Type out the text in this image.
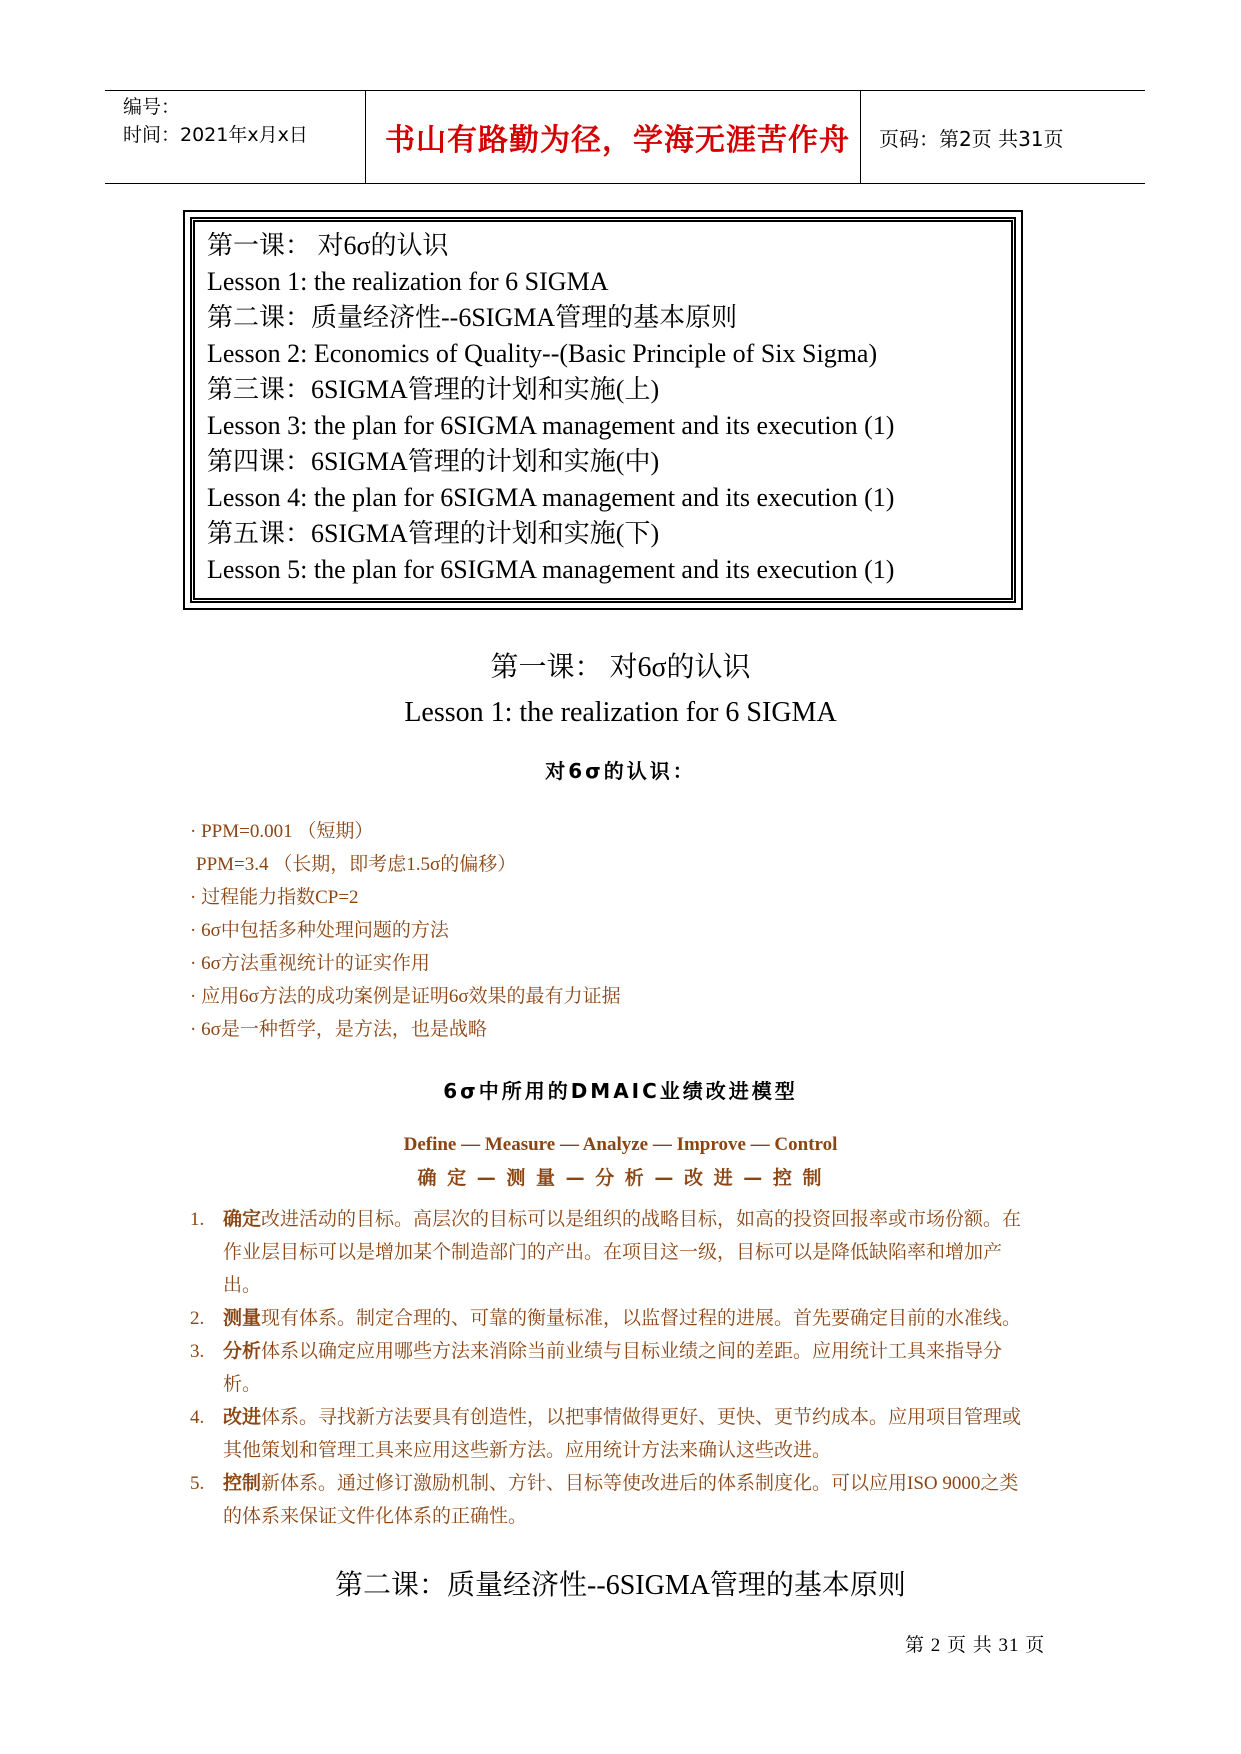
编号：
时间：2021年x月x日	书山有路勤为径，学海无涯苦作舟	页码：第2页 共31页
第一课： 对6σ的认识
Lesson 1: the realization for 6 SIGMA
第二课：质量经济性--6SIGMA管理的基本原则
Lesson 2: Economics of Quality--(Basic Principle of Six Sigma)
第三课：6SIGMA管理的计划和实施(上)
Lesson 3: the plan for 6SIGMA management and its execution (1)
第四课：6SIGMA管理的计划和实施(中)
Lesson 4: the plan for 6SIGMA management and its execution (1)
第五课：6SIGMA管理的计划和实施(下)
Lesson 5: the plan for 6SIGMA management and its execution (1)
第一课： 对6σ的认识
Lesson 1: the realization for 6 SIGMA
对6σ的认识：
· PPM=0.001 （短期）
PPM=3.4 （长期，即考虑1.5σ的偏移）
· 过程能力指数CP=2
· 6σ中包括多种处理问题的方法
· 6σ方法重视统计的证实作用
· 应用6σ方法的成功案例是证明6σ效果的最有力证据
· 6σ是一种哲学，是方法，也是战略
6σ中所用的DMAIC业绩改进模型
Define — Measure — Analyze — Improve — Control
确 定 — 测 量 — 分 析 — 改 进 — 控 制
1. 确定改进活动的目标。高层次的目标可以是组织的战略目标，如高的投资回报率或市场份额。在作业层目标可以是增加某个制造部门的产出。在项目这一级，目标可以是降低缺陷率和增加产出。
2. 测量现有体系。制定合理的、可靠的衡量标准，以监督过程的进展。首先要确定目前的水准线。
3. 分析体系以确定应用哪些方法来消除当前业绩与目标业绩之间的差距。应用统计工具来指导分析。
4. 改进体系。寻找新方法要具有创造性，以把事情做得更好、更快、更节约成本。应用项目管理或其他策划和管理工具来应用这些新方法。应用统计方法来确认这些改进。
5. 控制新体系。通过修订激励机制、方针、目标等使改进后的体系制度化。可以应用ISO 9000之类的体系来保证文件化体系的正确性。
第二课：质量经济性--6SIGMA管理的基本原则
第 2 页 共 31 页
